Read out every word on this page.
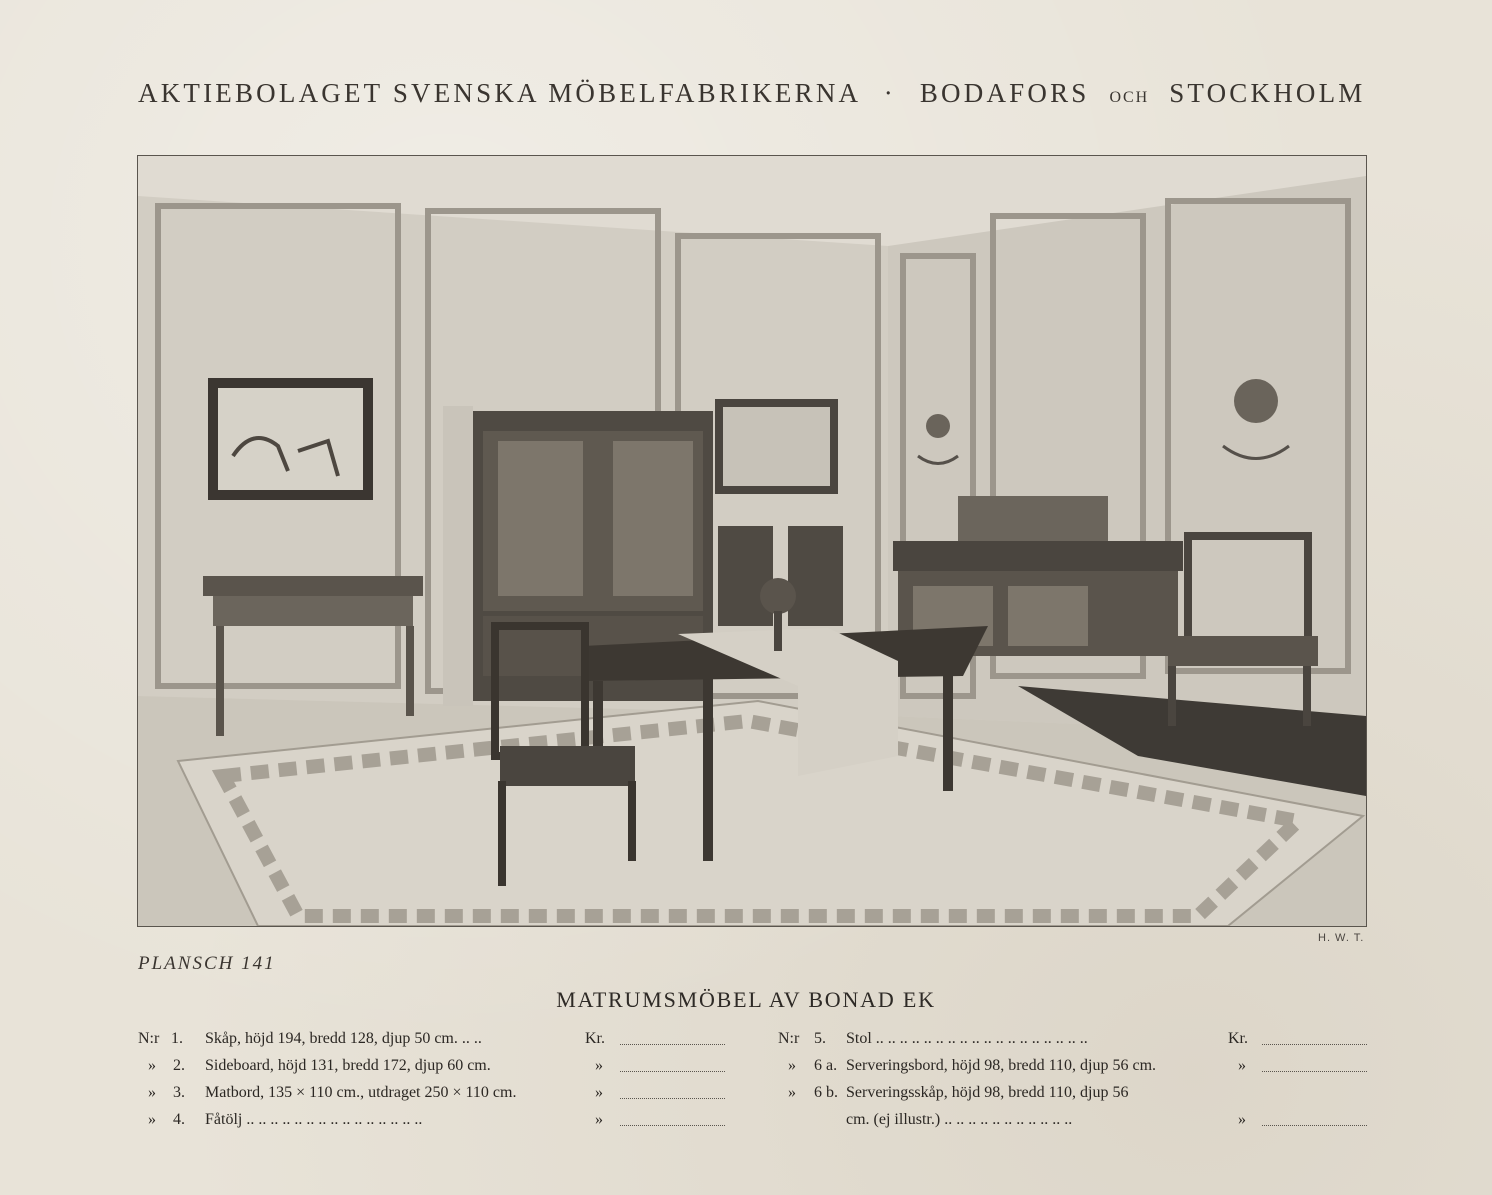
AKTIEBOLAGET SVENSKA MÖBELFABRIKERNA · BODAFORS OCH STOCKHOLM
H. W. T.
PLANSCH 141
MATRUMSMÖBEL AV BONAD EK
N:r 1. Skåp, höjd 194, bredd 128, djup 50 cm. .. ..	Kr.
» 2. Sideboard, höjd 131, bredd 172, djup 60 cm.	»
» 3. Matbord, 135 × 110 cm., utdraget 250 × 110 cm.	»
» 4. Fåtölj .. .. .. .. .. .. .. .. .. .. .. .. .. .. ..	»
N:r 5. Stol .. .. .. .. .. .. .. .. .. .. .. .. .. .. .. .. .. ..	Kr.
» 6 a. Serveringsbord, höjd 98, bredd 110, djup 56 cm.	»
» 6 b. Serveringsskåp, höjd 98, bredd 110, djup 56
cm. (ej illustr.) .. .. .. .. .. .. .. .. .. .. ..	»
